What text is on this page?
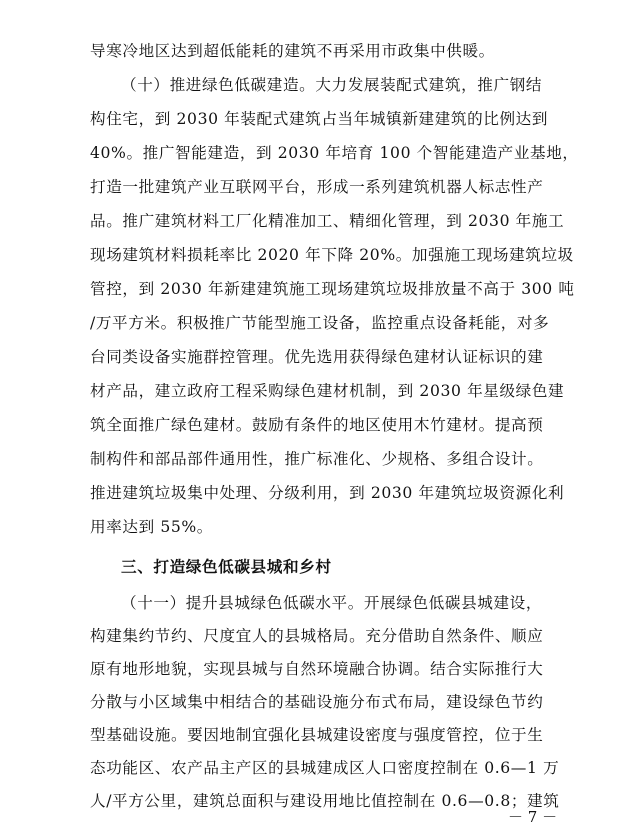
导寒冷地区达到超低能耗的建筑不再采用市政集中供暖。
（十）推进绿色低碳建造。大力发展装配式建筑，推广钢结
构住宅，到 2030 年装配式建筑占当年城镇新建建筑的比例达到
40%。推广智能建造，到 2030 年培育 100 个智能建造产业基地，
打造一批建筑产业互联网平台，形成一系列建筑机器人标志性产
品。推广建筑材料工厂化精准加工、精细化管理，到 2030 年施工
现场建筑材料损耗率比 2020 年下降 20%。加强施工现场建筑垃圾
管控，到 2030 年新建建筑施工现场建筑垃圾排放量不高于 300 吨
/万平方米。积极推广节能型施工设备，监控重点设备耗能，对多
台同类设备实施群控管理。优先选用获得绿色建材认证标识的建
材产品，建立政府工程采购绿色建材机制，到 2030 年星级绿色建
筑全面推广绿色建材。鼓励有条件的地区使用木竹建材。提高预
制构件和部品部件通用性，推广标准化、少规格、多组合设计。
推进建筑垃圾集中处理、分级利用，到 2030 年建筑垃圾资源化利
用率达到 55%。
三、打造绿色低碳县城和乡村
（十一）提升县城绿色低碳水平。开展绿色低碳县城建设，
构建集约节约、尺度宜人的县城格局。充分借助自然条件、顺应
原有地形地貌，实现县城与自然环境融合协调。结合实际推行大
分散与小区域集中相结合的基础设施分布式布局，建设绿色节约
型基础设施。要因地制宜强化县城建设密度与强度管控，位于生
态功能区、农产品主产区的县城建成区人口密度控制在 0.6—1 万
人/平方公里，建筑总面积与建设用地比值控制在 0.6—0.8；建筑
－ 7 －
